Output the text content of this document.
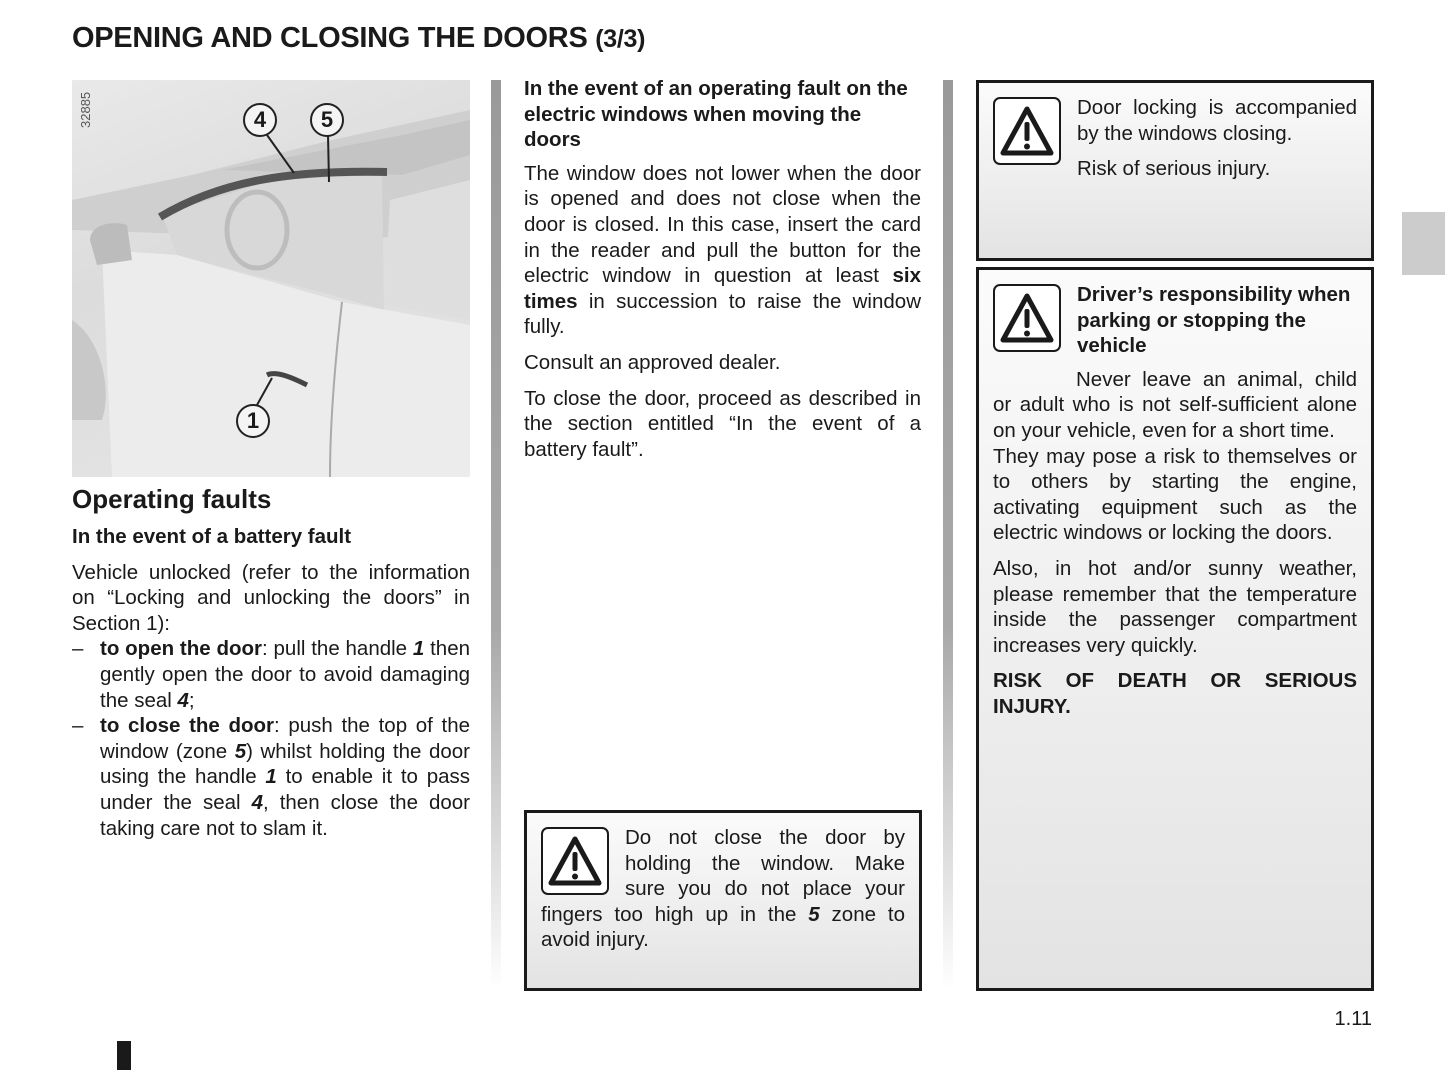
OPENING AND CLOSING THE DOORS (3/3)
32885	4	5
1
Operating faults
In the event of a battery fault

Vehicle unlocked (refer to the information on “Locking and unlocking the doors” in Section 1):

– to open the door: pull the handle 1 then gently open the door to avoid damaging the seal 4;
– to close the door: push the top of the window (zone 5) whilst holding the door using the handle 1 to enable it to pass under the seal 4, then close the door taking care not to slam it.
In the event of an operating fault on the electric windows when moving the doors

The window does not lower when the door is opened and does not close when the door is closed. In this case, insert the card in the reader and pull the button for the electric window in question at least six times in succession to raise the window fully.

Consult an approved dealer.

To close the door, proceed as described in the section entitled “In the event of a battery fault”.

Do not close the door by holding the window. Make sure you do not place your fingers too high up in the 5 zone to avoid injury.

Door locking is accompanied by the windows closing.

Risk of serious injury.

Driver’s responsibility when parking or stopping the vehicle

Never leave an animal, child or adult who is not self-sufficient alone on your vehicle, even for a short time.

They may pose a risk to themselves or to others by starting the engine, activating equipment such as the electric windows or locking the doors.

Also, in hot and/or sunny weather, please remember that the temperature inside the passenger compartment increases very quickly.

RISK OF DEATH OR SERIOUS INJURY.

1.11
